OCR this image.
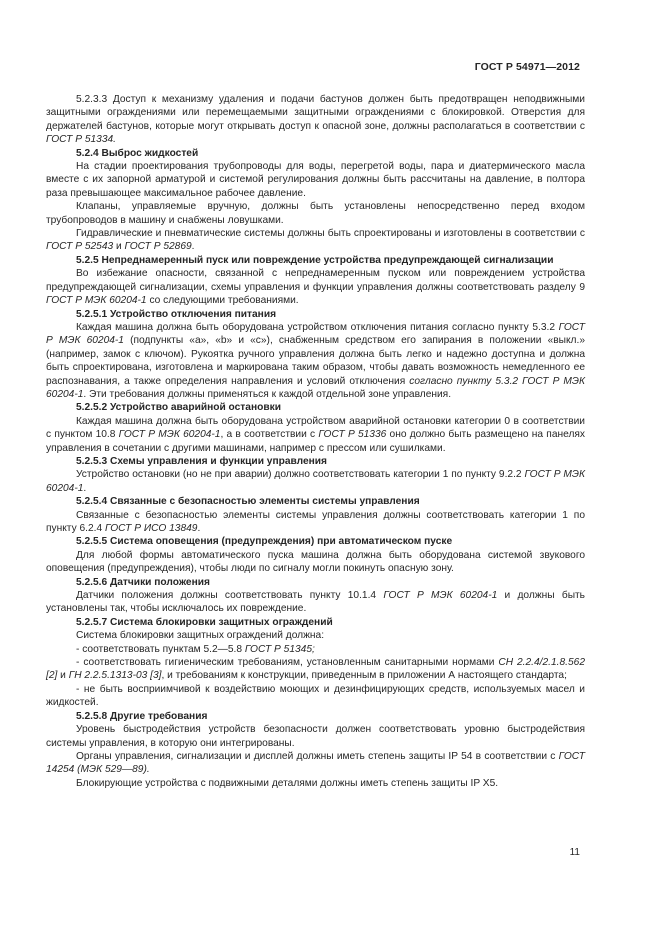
ГОСТ Р 54971—2012

5.2.3.3 Доступ к механизму удаления и подачи бастунов должен быть предотвращен неподвижными защитными ограждениями или перемещаемыми защитными ограждениями с блокировкой. Отверстия для держателей бастунов, которые могут открывать доступ к опасной зоне, должны располагаться в соответствии с ГОСТ Р 51334.

5.2.4 Выброс жидкостей

На стадии проектирования трубопроводы для воды, перегретой воды, пара и диатермического масла вместе с их запорной арматурой и системой регулирования должны быть рассчитаны на давление, в полтора раза превышающее максимальное рабочее давление.

Клапаны, управляемые вручную, должны быть установлены непосредственно перед входом трубопроводов в машину и снабжены ловушками.

Гидравлические и пневматические системы должны быть спроектированы и изготовлены в соответствии с ГОСТ Р 52543 и ГОСТ Р 52869.

5.2.5 Непреднамеренный пуск или повреждение устройства предупреждающей сигнализации

Во избежание опасности, связанной с непреднамеренным пуском или повреждением устройства предупреждающей сигнализации, схемы управления и функции управления должны соответствовать разделу 9 ГОСТ Р МЭК 60204-1 со следующими требованиями.

5.2.5.1 Устройство отключения питания

Каждая машина должна быть оборудована устройством отключения питания согласно пункту 5.3.2 ГОСТ Р МЭК 60204-1 (подпункты «а», «b» и «c»), снабженным средством его запирания в положении «выкл.» (например, замок с ключом). Рукоятка ручного управления должна быть легко и надежно доступна и должна быть спроектирована, изготовлена и маркирована таким образом, чтобы давать возможность немедленного ее распознавания, а также определения направления и условий отключения согласно пункту 5.3.2 ГОСТ Р МЭК 60204-1. Эти требования должны применяться к каждой отдельной зоне управления.

5.2.5.2 Устройство аварийной остановки

Каждая машина должна быть оборудована устройством аварийной остановки категории 0 в соответствии с пунктом 10.8 ГОСТ Р МЭК 60204-1, а в соответствии с ГОСТ Р 51336 оно должно быть размещено на панелях управления в сочетании с другими машинами, например с прессом или сушилками.

5.2.5.3 Схемы управления и функции управления

Устройство остановки (но не при аварии) должно соответствовать категории 1 по пункту 9.2.2 ГОСТ Р МЭК 60204-1.

5.2.5.4 Связанные с безопасностью элементы системы управления

Связанные с безопасностью элементы системы управления должны соответствовать категории 1 по пункту 6.2.4 ГОСТ Р ИСО 13849.

5.2.5.5 Система оповещения (предупреждения) при автоматическом пуске

Для любой формы автоматического пуска машина должна быть оборудована системой звукового оповещения (предупреждения), чтобы люди по сигналу могли покинуть опасную зону.

5.2.5.6 Датчики положения

Датчики положения должны соответствовать пункту 10.1.4 ГОСТ Р МЭК 60204-1 и должны быть установлены так, чтобы исключалось их повреждение.

5.2.5.7 Система блокировки защитных ограждений

Система блокировки защитных ограждений должна:

- соответствовать пунктам 5.2—5.8 ГОСТ Р 51345;

- соответствовать гигиеническим требованиям, установленным санитарными нормами СН 2.2.4/2.1.8.562 [2] и ГН 2.2.5.1313-03 [3], и требованиям к конструкции, приведенным в приложении А настоящего стандарта;

- не быть восприимчивой к воздействию моющих и дезинфицирующих средств, используемых масел и жидкостей.

5.2.5.8 Другие требования

Уровень быстродействия устройств безопасности должен соответствовать уровню быстродействия системы управления, в которую они интегрированы.

Органы управления, сигнализации и дисплей должны иметь степень защиты IP 54 в соответствии с ГОСТ 14254 (МЭК 529—89).

Блокирующие устройства с подвижными деталями должны иметь степень защиты IP X5.

11
